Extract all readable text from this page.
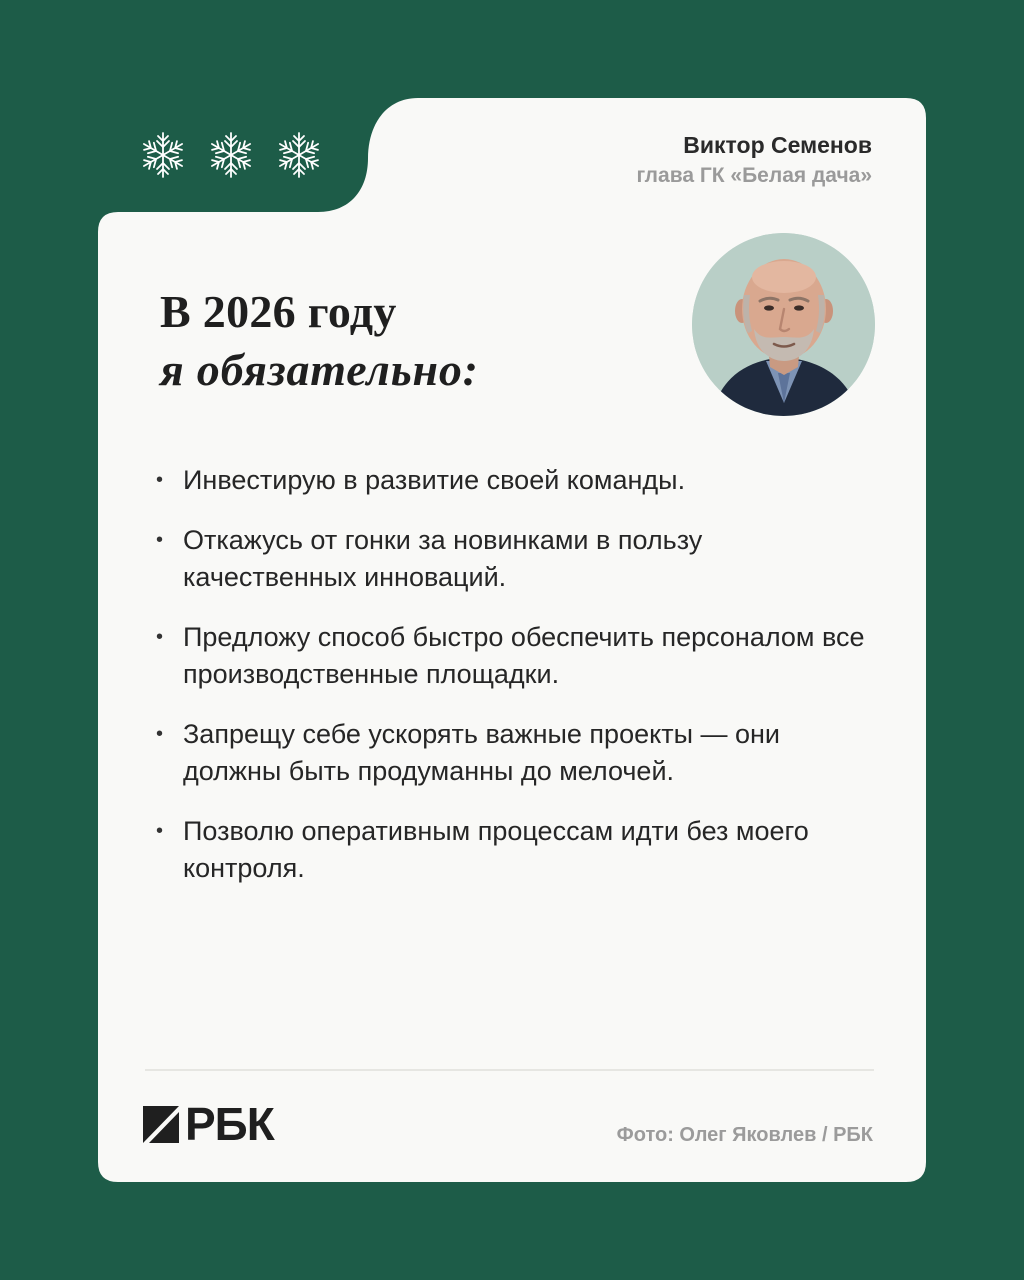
Виктор Семенов
глава ГК «Белая дача»
В 2026 году
я обязательно:
• Инвестирую в развитие своей команды.
• Откажусь от гонки за новинками в пользу качественных инноваций.
• Предложу способ быстро обеспечить персоналом все производственные площадки.
• Запрещу себе ускорять важные проекты — они должны быть продуманны до мелочей.
• Позволю оперативным процессам идти без моего контроля.
РБК	Фото: Олег Яковлев / РБК
